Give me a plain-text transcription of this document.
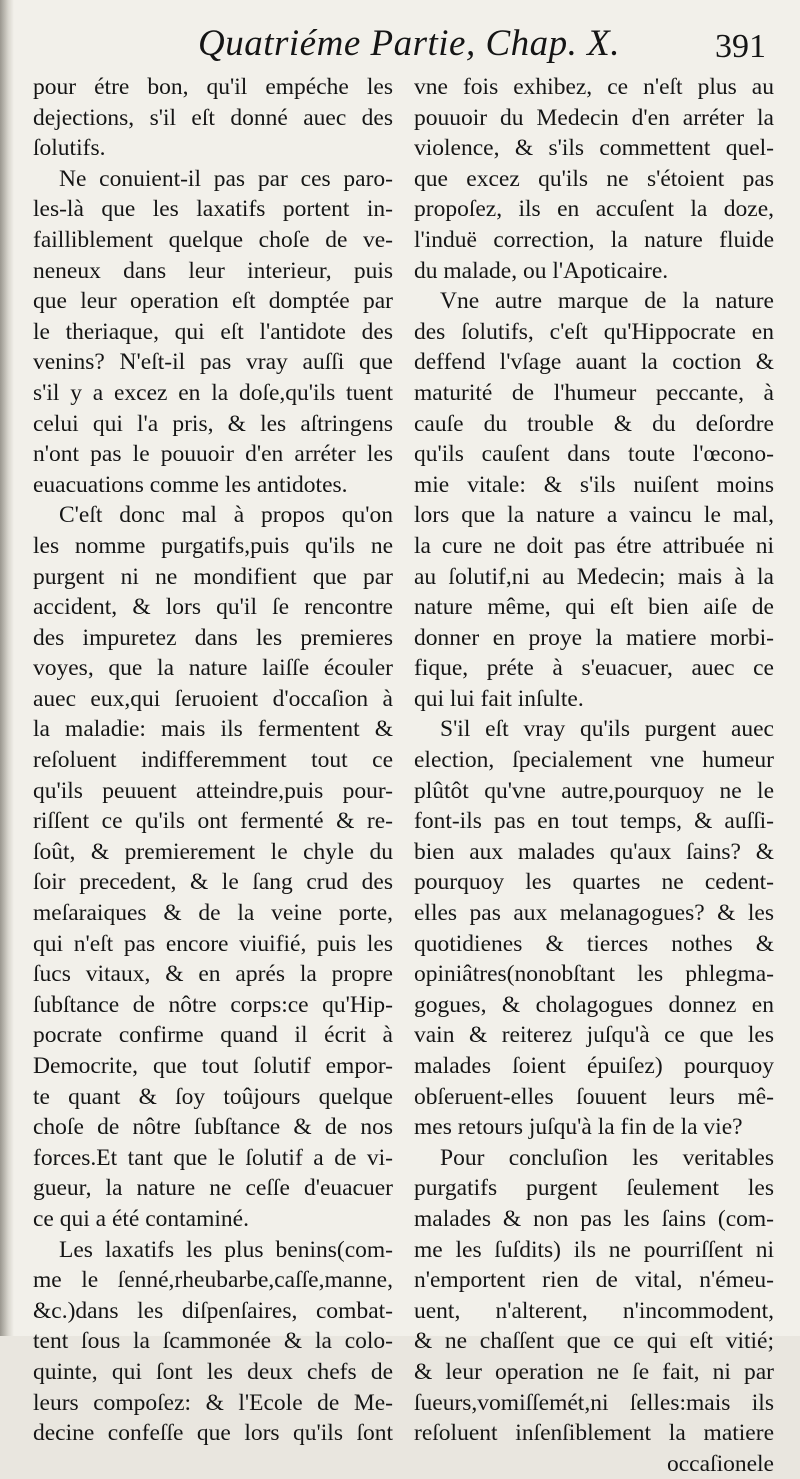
Quatriéme Partie, Chap. X.	391
pour étre bon, qu'il empéche les
dejections, s'il eſt donné auec des
ſolutifs.
Ne conuient-il pas par ces paro-
les-là que les laxatifs portent in-
failliblement quelque choſe de ve-
neneux dans leur interieur, puis
que leur operation eſt domptée par
le theriaque, qui eſt l'antidote des
venins? N'eſt-il pas vray auſſi que
s'il y a excez en la doſe,qu'ils tuent
celui qui l'a pris, & les aſtringens
n'ont pas le pouuoir d'en arréter les
euacuations comme les antidotes.
C'eſt donc mal à propos qu'on
les nomme purgatifs,puis qu'ils ne
purgent ni ne mondifient que par
accident, & lors qu'il ſe rencontre
des impuretez dans les premieres
voyes, que la nature laiſſe écouler
auec eux,qui ſeruoient d'occaſion à
la maladie: mais ils fermentent &
reſoluent indifferemment tout ce
qu'ils peuuent atteindre,puis pour-
riſſent ce qu'ils ont fermenté & re-
ſoût, & premierement le chyle du
ſoir precedent, & le ſang crud des
meſaraiques & de la veine porte,
qui n'eſt pas encore viuifié, puis les
ſucs vitaux, & en aprés la propre
ſubſtance de nôtre corps:ce qu'Hip-
pocrate confirme quand il écrit à
Democrite, que tout ſolutif empor-
te quant & ſoy toûjours quelque
choſe de nôtre ſubſtance & de nos
forces.Et tant que le ſolutif a de vi-
gueur, la nature ne ceſſe d'euacuer
ce qui a été contaminé.
Les laxatifs les plus benins(com-
me le ſenné,rheubarbe,caſſe,manne,
&c.)dans les diſpenſaires, combat-
tent ſous la ſcammonée & la colo-
quinte, qui ſont les deux chefs de
leurs compoſez: & l'Ecole de Me-
decine confeſſe que lors qu'ils ſont
vne fois exhibez, ce n'eſt plus au
pouuoir du Medecin d'en arréter la
violence, & s'ils commettent quel-
que excez qu'ils ne s'étoient pas
propoſez, ils en accuſent la doze,
l'induë correction, la nature fluide
du malade, ou l'Apoticaire.
Vne autre marque de la nature
des ſolutifs, c'eſt qu'Hippocrate en
deffend l'vſage auant la coction &
maturité de l'humeur peccante, à
cauſe du trouble & du deſordre
qu'ils cauſent dans toute l'œcono-
mie vitale: & s'ils nuiſent moins
lors que la nature a vaincu le mal,
la cure ne doit pas étre attribuée ni
au ſolutif,ni au Medecin; mais à la
nature même, qui eſt bien aiſe de
donner en proye la matiere morbi-
fique, préte à s'euacuer, auec ce
qui lui fait inſulte.
S'il eſt vray qu'ils purgent auec
election, ſpecialement vne humeur
plûtôt qu'vne autre,pourquoy ne le
font-ils pas en tout temps, & auſſi-
bien aux malades qu'aux ſains? &
pourquoy les quartes ne cedent-
elles pas aux melanagogues? & les
quotidienes & tierces nothes &
opiniâtres(nonobſtant les phlegma-
gogues, & cholagogues donnez en
vain & reiterez juſqu'à ce que les
malades ſoient épuiſez) pourquoy
obſeruent-elles ſouuent leurs mê-
mes retours juſqu'à la fin de la vie?
Pour concluſion les veritables
purgatifs purgent ſeulement les
malades & non pas les ſains (com-
me les ſuſdits) ils ne pourriſſent ni
n'emportent rien de vital, n'émeu-
uent, n'alterent, n'incommodent,
& ne chaſſent que ce qui eſt vitié;
& leur operation ne ſe fait, ni par
ſueurs,vomiſſemét,ni ſelles:mais ils
reſoluent inſenſiblement la matiere
occaſionele
